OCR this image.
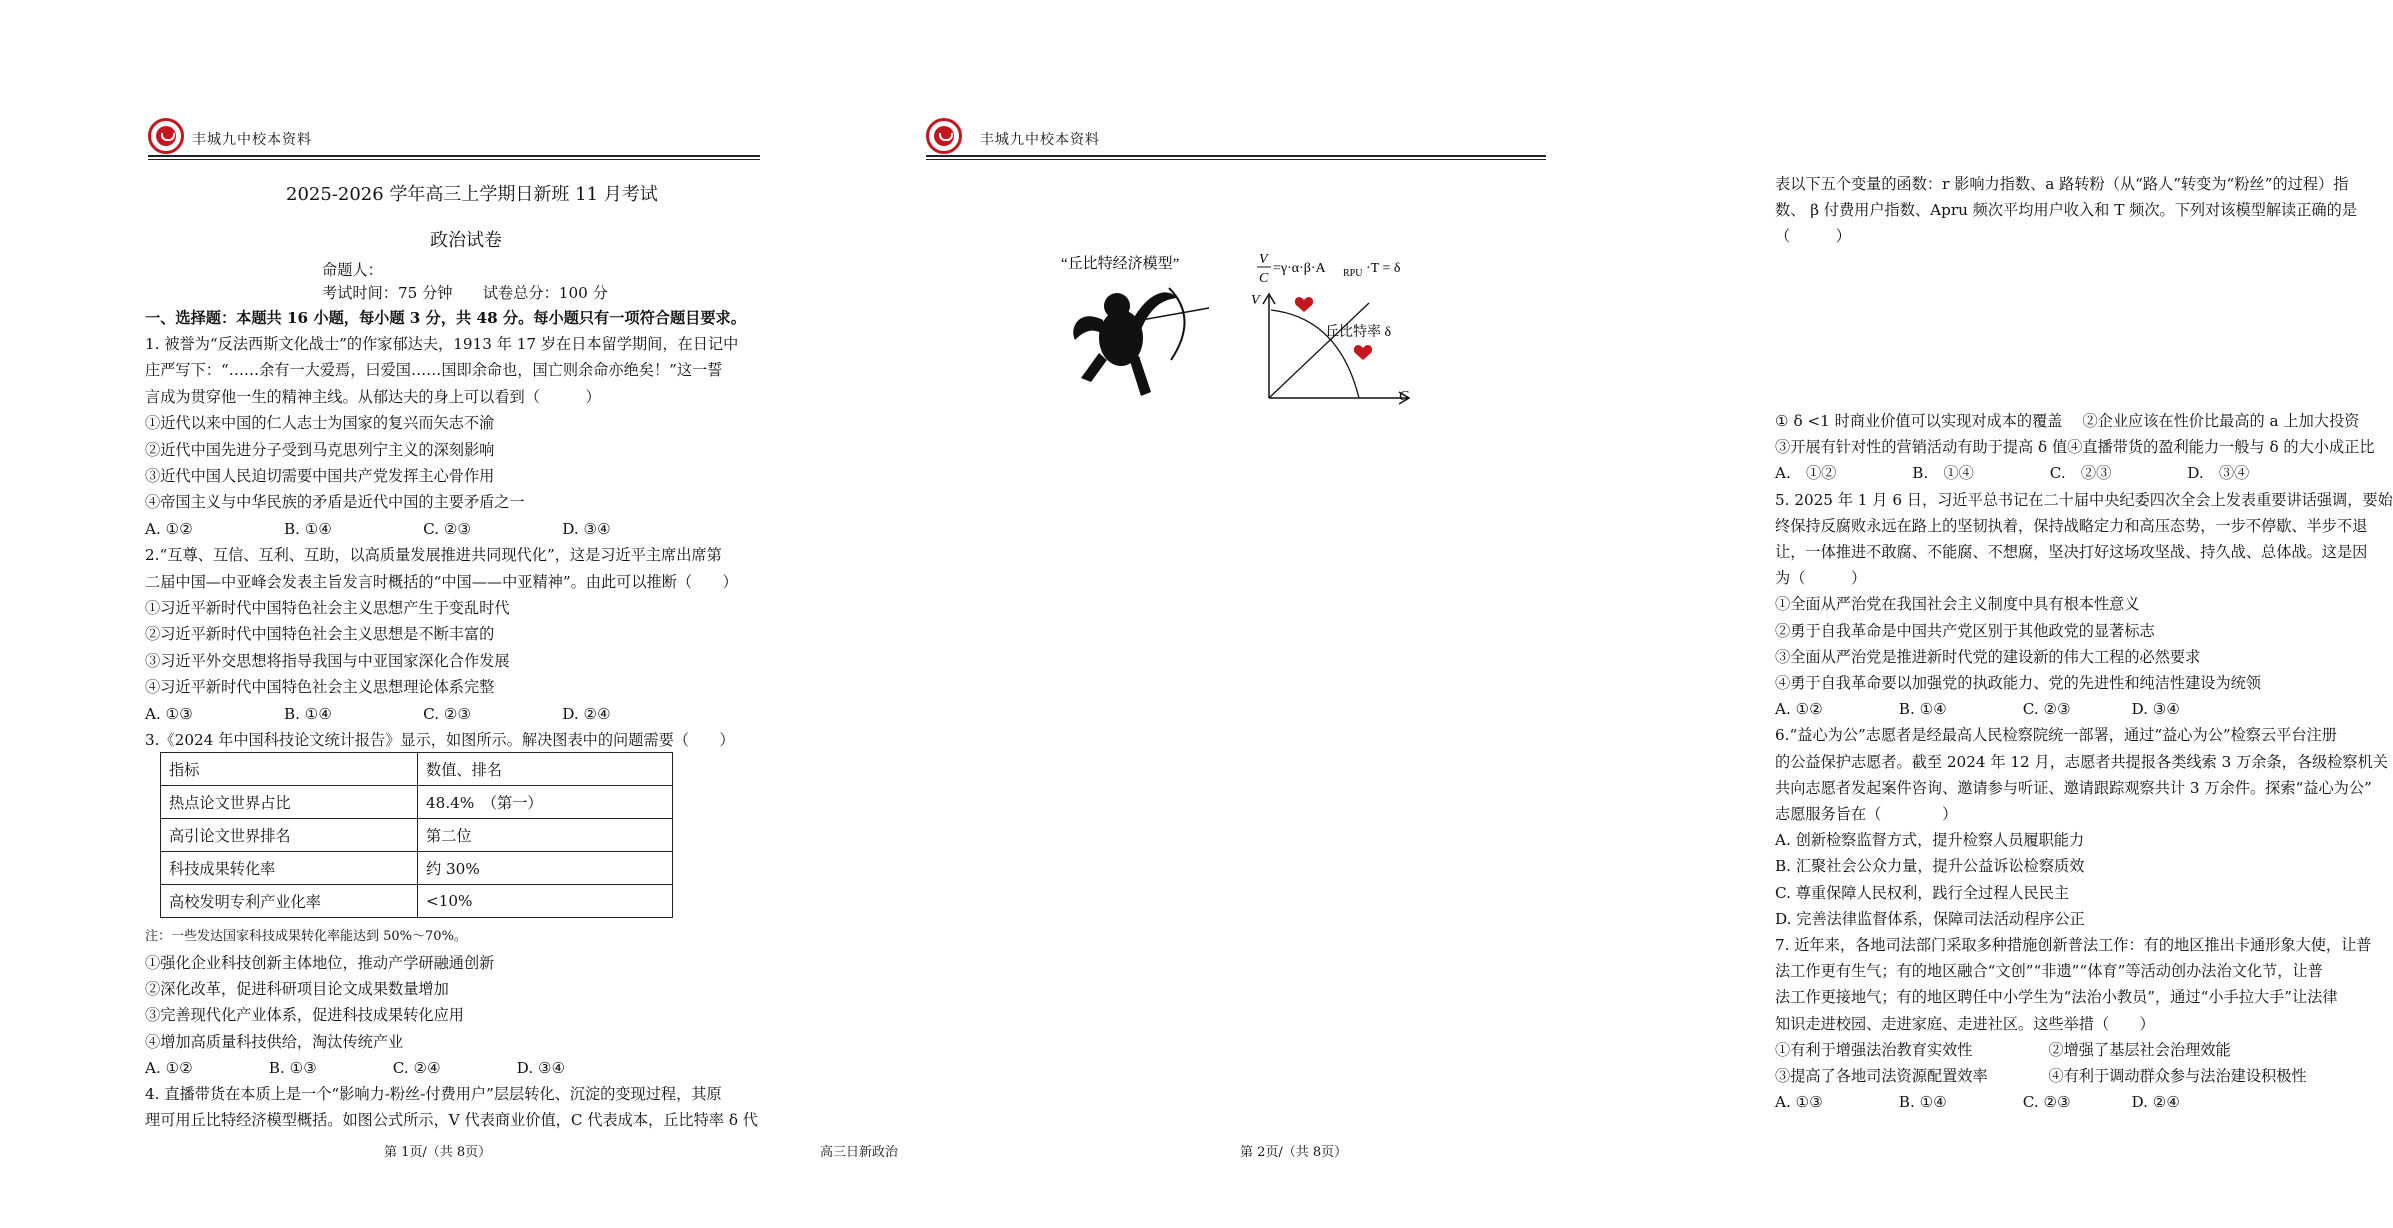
丰城九中校本资料
2025-2026 学年高三上学期日新班 11 月考试
政治试卷
命题人：
考试时间：75 分钟　　试卷总分：100 分
一、选择题：本题共 16 小题，每小题 3 分，共 48 分。每小题只有一项符合题目要求。
1. 被誉为“反法西斯文化战士”的作家郁达夫，1913 年 17 岁在日本留学期间，在日记中
庄严写下：“……余有一大爱焉，曰爱国……国即余命也，国亡则余命亦绝矣！”这一誓
言成为贯穿他一生的精神主线。从郁达夫的身上可以看到（　　　）
①近代以来中国的仁人志士为国家的复兴而矢志不渝
②近代中国先进分子受到马克思列宁主义的深刻影响
③近代中国人民迫切需要中国共产党发挥主心骨作用
④帝国主义与中华民族的矛盾是近代中国的主要矛盾之一
A. ①②　　　　　　B. ①④　　　　　　C. ②③　　　　　　D. ③④
2.“互尊、互信、互利、互助，以高质量发展推进共同现代化”，这是习近平主席出席第
二届中国—中亚峰会发表主旨发言时概括的“中国——中亚精神”。由此可以推断（　　）
①习近平新时代中国特色社会主义思想产生于变乱时代
②习近平新时代中国特色社会主义思想是不断丰富的
③习近平外交思想将指导我国与中亚国家深化合作发展
④习近平新时代中国特色社会主义思想理论体系完整
A. ①③　　　　　　B. ①④　　　　　　C. ②③　　　　　　D. ②④
3.《2024 年中国科技论文统计报告》显示，如图所示。解决图表中的问题需要（　　）
指标	数值、排名
热点论文世界占比	48.4%　（第一）
高引论文世界排名	第二位
科技成果转化率	约 30%
高校发明专利产业化率	<10%
注：一些发达国家科技成果转化率能达到 50%～70%。
①强化企业科技创新主体地位，推动产学研融通创新
②深化改革，促进科研项目论文成果数量增加
③完善现代化产业体系，促进科技成果转化应用
④增加高质量科技供给，淘汰传统产业
A. ①②　　　　　B. ①③　　　　　C. ②④　　　　　D. ③④
4. 直播带货在本质上是一个“影响力-粉丝-付费用户”层层转化、沉淀的变现过程，其原
理可用丘比特经济模型概括。如图公式所示，V 代表商业价值，C 代表成本，丘比特率 δ 代
第 1页/（共 8页）	高三日新政治
丰城九中校本资料
表以下五个变量的函数：r 影响力指数、a 路转粉（从“路人”转变为“粉丝”的过程）指
数、 β 付费用户指数、Apru 频次平均用户收入和 T 频次。下列对该模型解读正确的是
（　　　）
“丘比特经济模型”	V
C
=γ·α·β·A RPU ·T = δ
V
C
丘比特率 δ
① δ <1 时商业价值可以实现对成本的覆盖　 ②企业应该在性价比最高的 a 上加大投资
③开展有针对性的营销活动有助于提高 δ 值④直播带货的盈利能力一般与 δ 的大小成正比
A.　①②　　　　　B.　①④　　　　　C.　②③　　　　　D.　③④
5. 2025 年 1 月 6 日，习近平总书记在二十届中央纪委四次全会上发表重要讲话强调，要始
终保持反腐败永远在路上的坚韧执着，保持战略定力和高压态势，一步不停歇、半步不退
让，一体推进不敢腐、不能腐、不想腐，坚决打好这场攻坚战、持久战、总体战。这是因
为（　　　）
①全面从严治党在我国社会主义制度中具有根本性意义
②勇于自我革命是中国共产党区别于其他政党的显著标志
③全面从严治党是推进新时代党的建设新的伟大工程的必然要求
④勇于自我革命要以加强党的执政能力、党的先进性和纯洁性建设为统领
A. ①②　　　　　B. ①④　　　　　C. ②③　　　　D. ③④
6.“益心为公”志愿者是经最高人民检察院统一部署，通过“益心为公”检察云平台注册
的公益保护志愿者。截至 2024 年 12 月，志愿者共提报各类线索 3 万余条，各级检察机关
共向志愿者发起案件咨询、邀请参与听证、邀请跟踪观察共计 3 万余件。探索“益心为公”
志愿服务旨在（　　　　）
A. 创新检察监督方式，提升检察人员履职能力
B. 汇聚社会公众力量，提升公益诉讼检察质效
C. 尊重保障人民权利，践行全过程人民民主
D. 完善法律监督体系，保障司法活动程序公正
7. 近年来，各地司法部门采取多种措施创新普法工作：有的地区推出卡通形象大使，让普
法工作更有生气；有的地区融合“文创”“非遗”“体育”等活动创办法治文化节，让普
法工作更接地气；有的地区聘任中小学生为“法治小教员”，通过“小手拉大手”让法律
知识走进校园、走进家庭、走进社区。这些举措（　　）
①有利于增强法治教育实效性　　　　　②增强了基层社会治理效能
③提高了各地司法资源配置效率　　　　④有利于调动群众参与法治建设积极性
A. ①③　　　　　B. ①④　　　　　C. ②③　　　　D. ②④
第 2页/（共 8页）
